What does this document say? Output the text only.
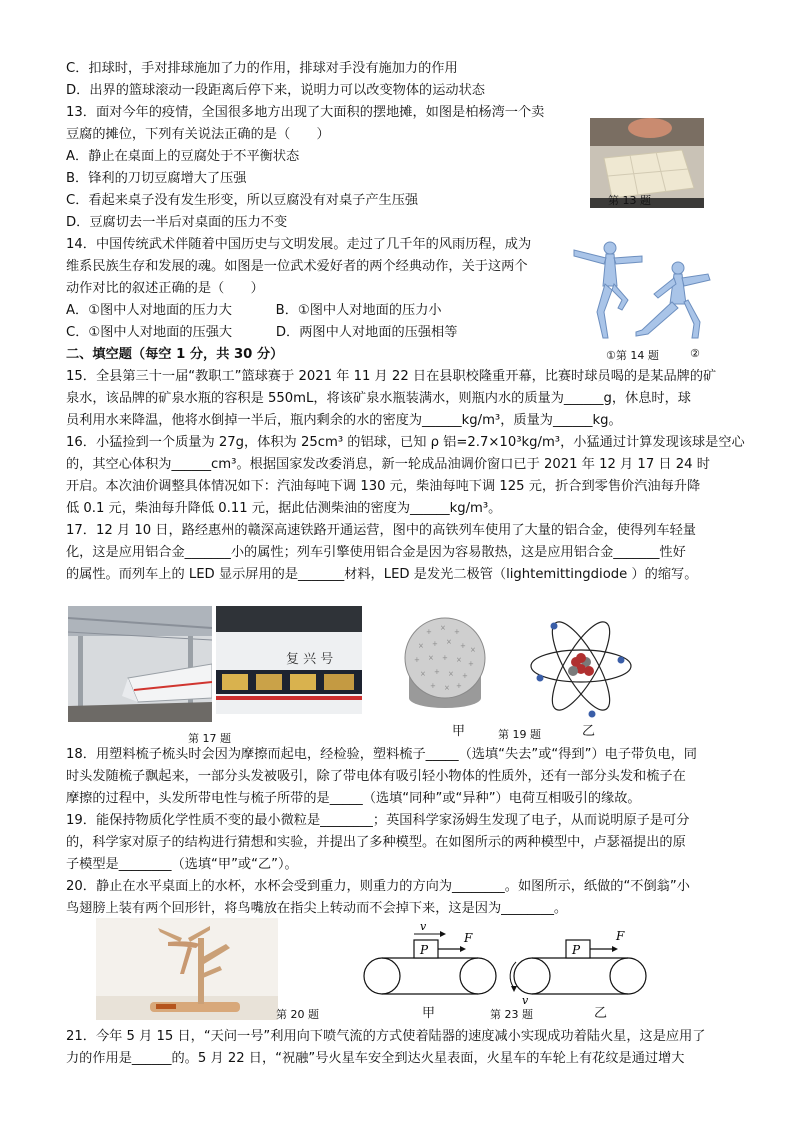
C．扣球时，手对排球施加了力的作用，排球对手没有施加力的作用
D．出界的篮球滚动一段距离后停下来，说明力可以改变物体的运动状态
13．面对今年的疫情，全国很多地方出现了大面积的摆地摊，如图是柏杨湾一个卖
豆腐的摊位，下列有关说法正确的是（　　）
A．静止在桌面上的豆腐处于不平衡状态
B．锋利的刀切豆腐增大了压强
C．看起来桌子没有发生形变，所以豆腐没有对桌子产生压强
D．豆腐切去一半后对桌面的压力不变
14．中国传统武术伴随着中国历史与文明发展。走过了几千年的风雨历程，成为
维系民族生存和发展的魂。如图是一位武术爱好者的两个经典动作，关于这两个
动作对比的叙述正确的是（　　）
A．①图中人对地面的压力大　　　 B．①图中人对地面的压力小
C．①图中人对地面的压强大　　　 D．两图中人对地面的压强相等
二、填空题（每空 1 分，共 30 分）
15．全县第三十一届“教职工”篮球赛于 2021 年 11 月 22 日在县职校隆重开幕，比赛时球员喝的是某品牌的矿
泉水，该品牌的矿泉水瓶的容积是 550mL，将该矿泉水瓶装满水，则瓶内水的质量为______g，休息时，球
员利用水来降温，他将水倒掉一半后，瓶内剩余的水的密度为______kg/m³，质量为______kg。
16．小猛捡到一个质量为 27g，体积为 25cm³ 的铝球，已知 ρ 铝=2.7×10³kg/m³，小猛通过计算发现该球是空心
的，其空心体积为______cm³。根据国家发改委消息，新一轮成品油调价窗口已于 2021 年 12 月 17 日 24 时
开启。本次油价调整具体情况如下：汽油每吨下调 130 元，柴油每吨下调 125 元，折合到零售价汽油每升降
低 0.1 元，柴油每升降低 0.11 元，据此估测柴油的密度为______kg/m³。
17．12 月 10 日，路经惠州的赣深高速铁路开通运营，图中的高铁列车使用了大量的铝合金，使得列车轻量
化，这是应用铝合金_______小的属性；列车引擎使用铝合金是因为容易散热，这是应用铝合金_______性好
的属性。而列车上的 LED 显示屏用的是_______材料，LED 是发光二极管（lightemittingdiode ）的缩写。
18．用塑料梳子梳头时会因为摩擦而起电，经检验，塑料梳子_____（选填“失去”或“得到”）电子带负电，同
时头发随梳子飘起来，一部分头发被吸引，除了带电体有吸引轻小物体的性质外，还有一部分头发和梳子在
摩擦的过程中，头发所带电性与梳子所带的是_____（选填“同种”或“异种”）电荷互相吸引的缘故。
19．能保持物质化学性质不变的最小微粒是________；英国科学家汤姆生发现了电子，从而说明原子是可分
的，科学家对原子的结构进行猜想和实验，并提出了多种模型。在如图所示的两种模型中，卢瑟福提出的原
子模型是________（选填“甲”或“乙”）。
20．静止在水平桌面上的水杯，水杯会受到重力，则重力的方向为________。如图所示，纸做的“不倒翁”小
鸟翅膀上装有两个回形针，将鸟嘴放在指尖上转动而不会掉下来，这是因为________。
21．今年 5 月 15 日，“天问一号”利用向下喷气流的方式使着陆器的速度减小实现成功着陆火星，这是应用了
力的作用是______的。5 月 22 日，“祝融”号火星车安全到达火星表面，火星车的车轮上有花纹是通过增大
第 13 题
①第 14 题	②
复 兴 号
第 17 题
+ × +
× + × + ×
+ × + × +
× + × +
+ × +
甲	第 19 题	乙
第 20 题
P
F
v
甲
v
P
F
第 23 题	乙
